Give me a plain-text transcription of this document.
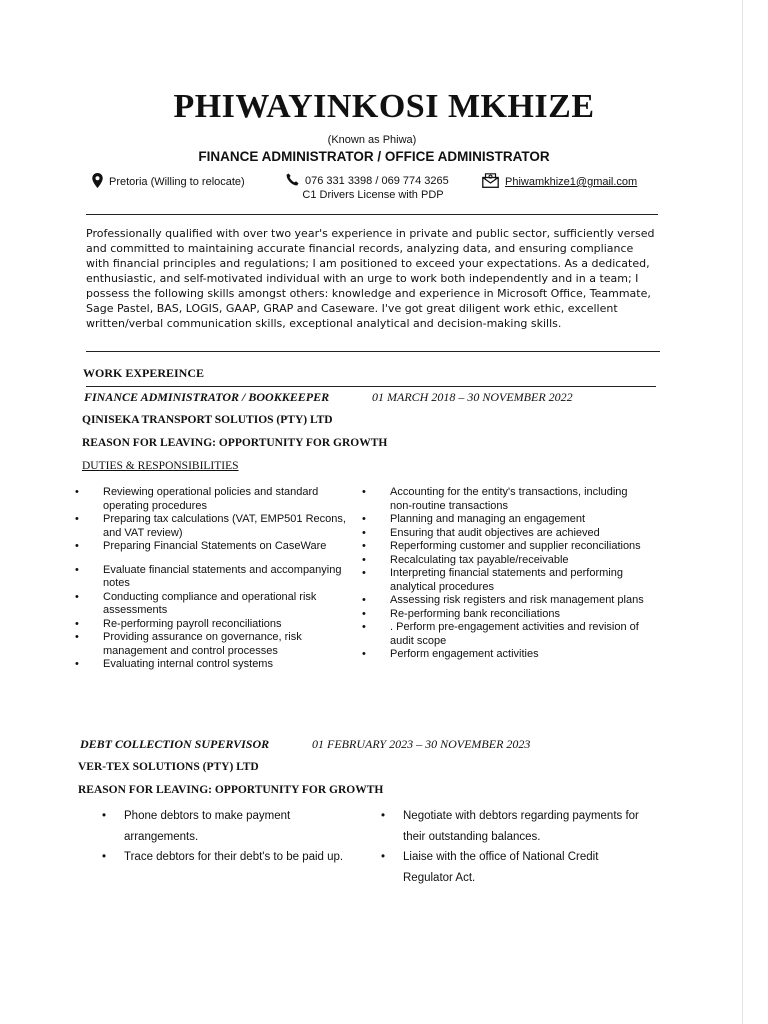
PHIWAYINKOSI MKHIZE
(Known as Phiwa)
FINANCE ADMINISTRATOR / OFFICE ADMINISTRATOR
Pretoria (Willing to relocate)	076 331 3398 / 069 774 3265	Phiwamkhize1@gmail.com
C1 Drivers License with PDP
Professionally qualified with over two year's experience in private and public sector, sufficiently versed and committed to maintaining accurate financial records, analyzing data, and ensuring compliance with financial principles and regulations; I am positioned to exceed your expectations. As a dedicated, enthusiastic, and self-motivated individual with an urge to work both independently and in a team; I possess the following skills amongst others: knowledge and experience in Microsoft Office, Teammate, Sage Pastel, BAS, LOGIS, GAAP, GRAP and Caseware. I've got great diligent work ethic, excellent written/verbal communication skills, exceptional analytical and decision-making skills.
WORK EXPEREINCE
FINANCE ADMINISTRATOR / BOOKKEEPER	01 MARCH 2018 – 30 NOVEMBER 2022
QINISEKA TRANSPORT SOLUTIOS (PTY) LTD
REASON FOR LEAVING: OPPORTUNITY FOR GROWTH
DUTIES & RESPONSIBILITIES
• Reviewing operational policies and standard operating procedures
• Preparing tax calculations (VAT, EMP501 Recons, and VAT review)
• Preparing Financial Statements on CaseWare
• Evaluate financial statements and accompanying notes
• Conducting compliance and operational risk assessments
• Re-performing payroll reconciliations
• Providing assurance on governance, risk management and control processes
• Evaluating internal control systems
• Accounting for the entity's transactions, including non-routine transactions
• Planning and managing an engagement
• Ensuring that audit objectives are achieved
• Reperforming customer and supplier reconciliations
• Recalculating tax payable/receivable
• Interpreting financial statements and performing analytical procedures
• Assessing risk registers and risk management plans
• Re-performing bank reconciliations
• . Perform pre-engagement activities and revision of audit scope
• Perform engagement activities
DEBT COLLECTION SUPERVISOR	01 FEBRUARY 2023 – 30 NOVEMBER 2023
VER-TEX SOLUTIONS (PTY) LTD
REASON FOR LEAVING: OPPORTUNITY FOR GROWTH
• Phone debtors to make payment arrangements.
• Trace debtors for their debt's to be paid up.
• Negotiate with debtors regarding payments for their outstanding balances.
• Liaise with the office of National Credit Regulator Act.
